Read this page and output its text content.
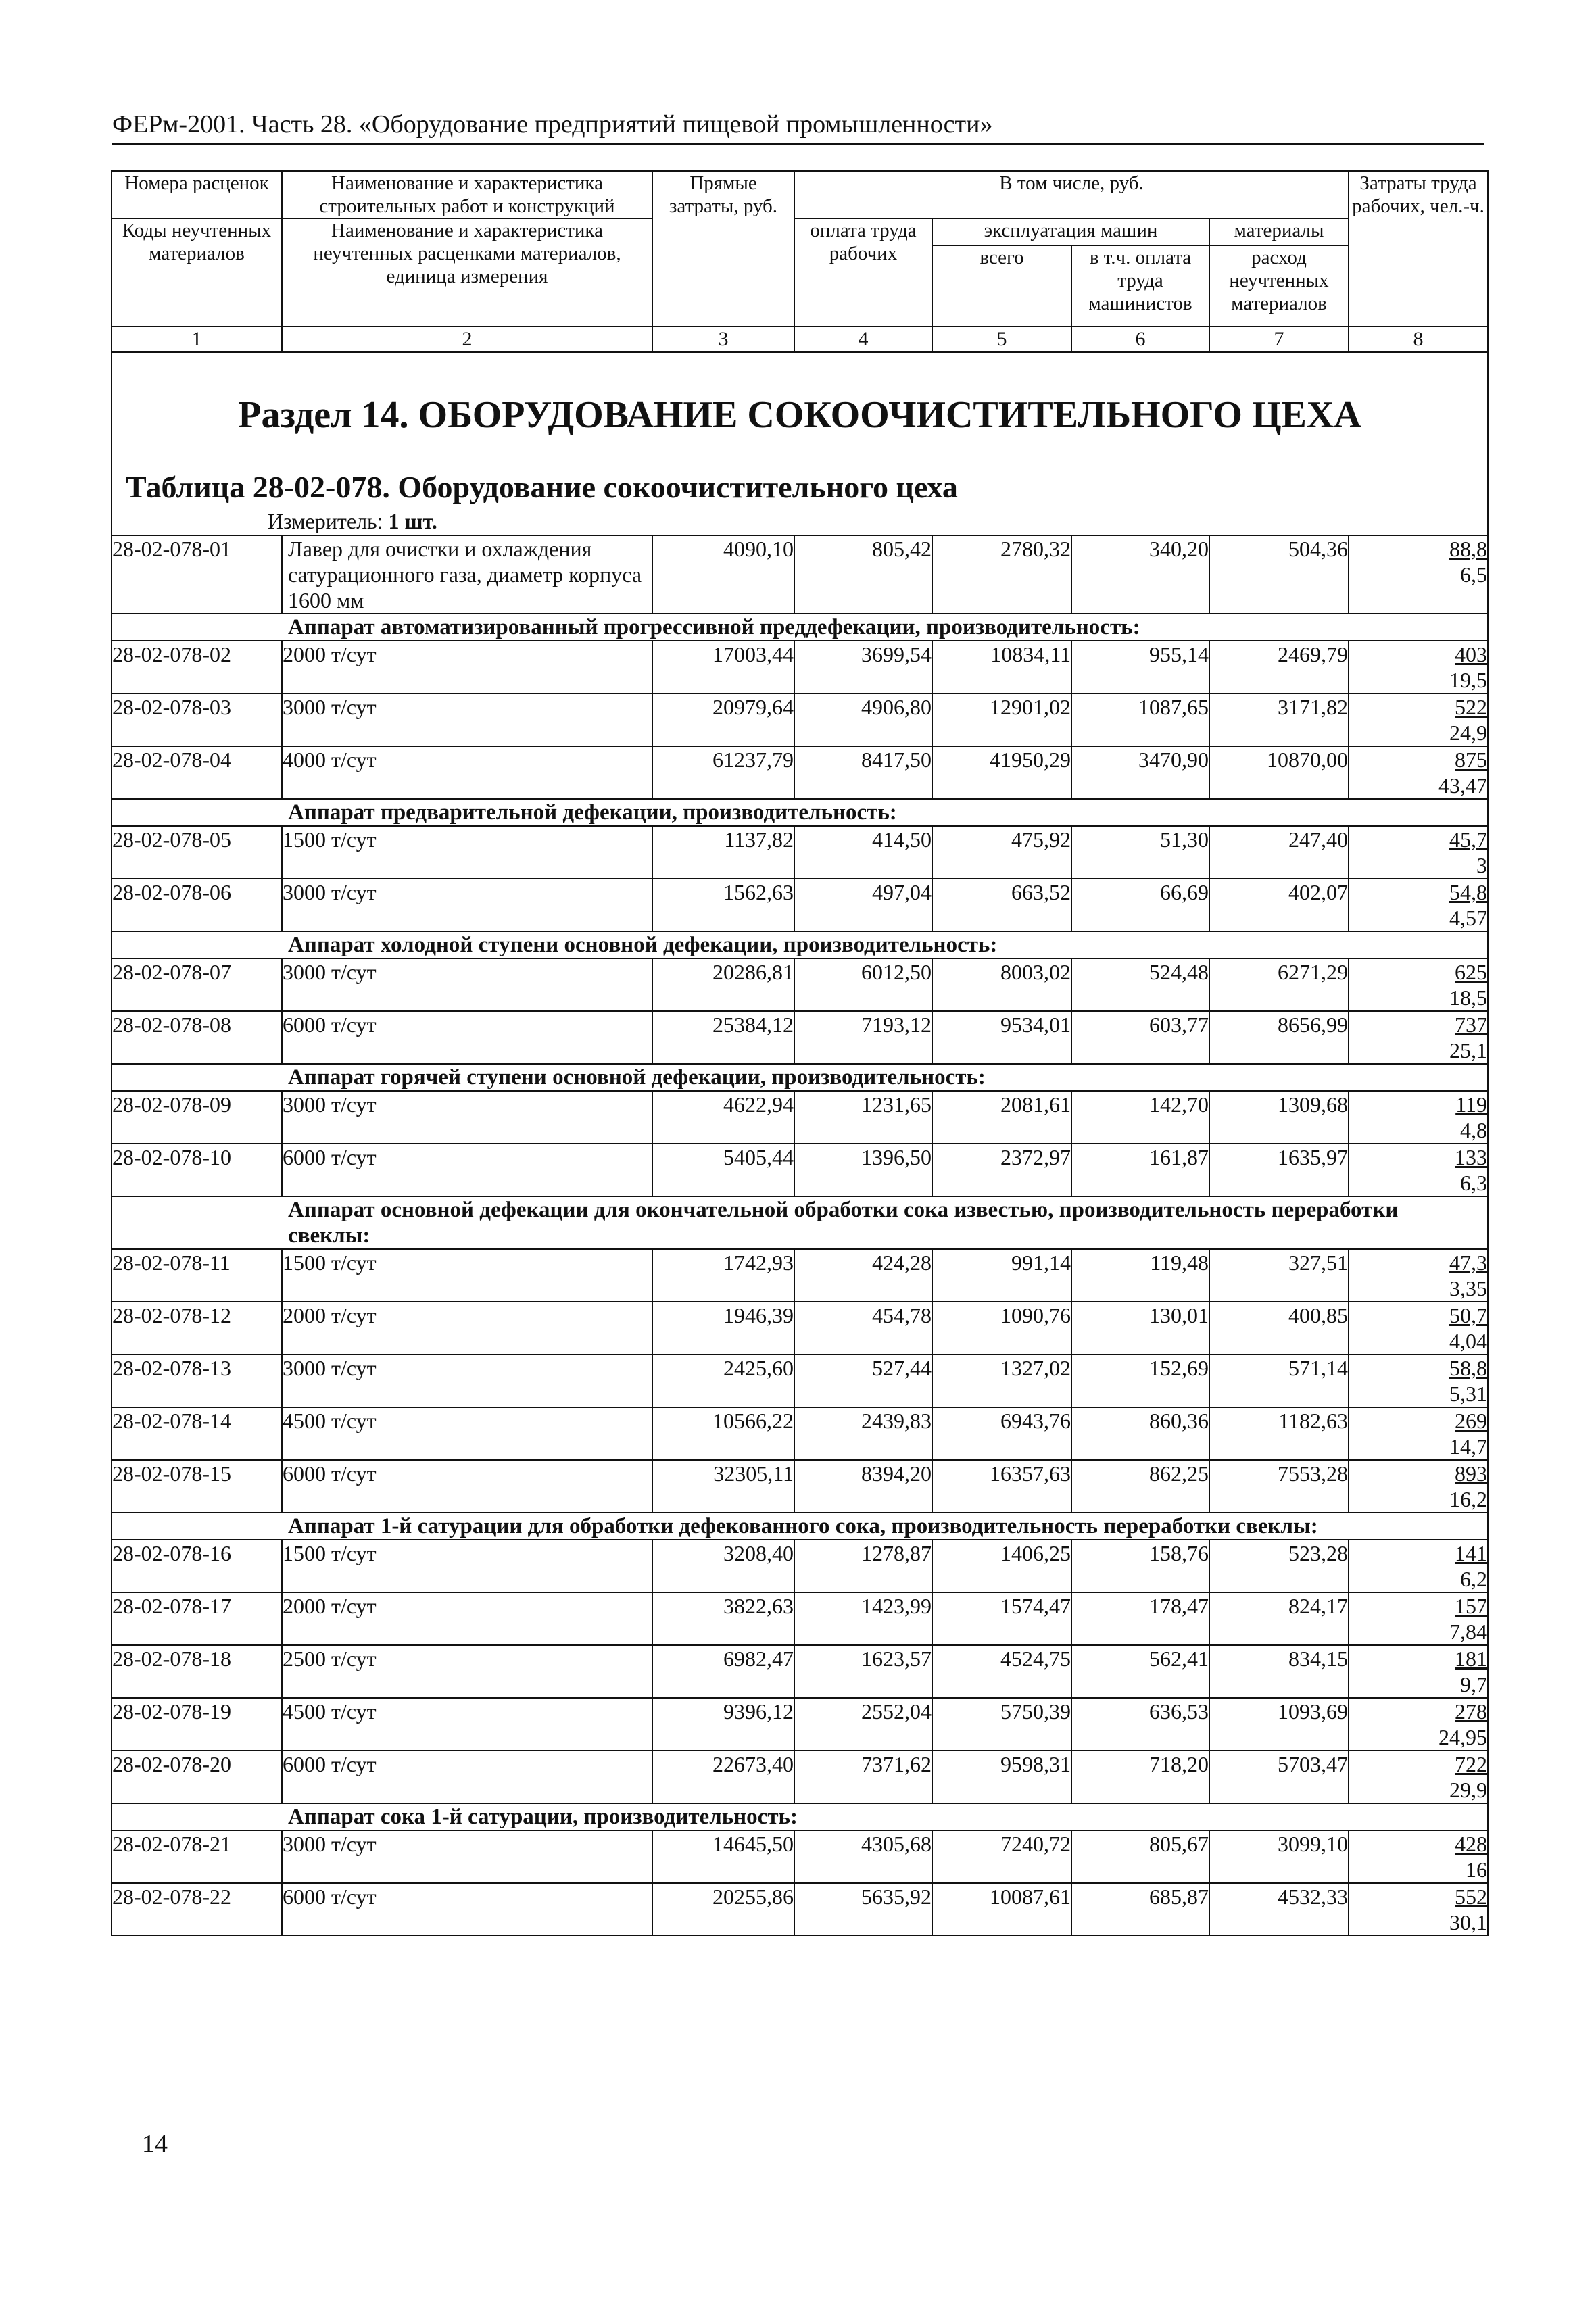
ФЕРм-2001. Часть 28. «Оборудование предприятий пищевой промышленности»
Номера расценок	Наименование и характеристика строительных работ и конструкций	Прямые затраты, руб.	В том числе, руб.				Затраты труда рабочих, чел.-ч.
Коды неучтенных материалов	Наименование и характеристика неучтенных расценками материалов, единица измерения		оплата труда рабочих	эксплуатация машин		материалы	
				всего	в т.ч. оплата труда машинистов	расход неучтенных материалов	
1	2	3	4	5	6	7	8

Раздел 14. ОБОРУДОВАНИЕ СОКООЧИСТИТЕЛЬНОГО ЦЕХА
Таблица 28-02-078. Оборудование сокоочистительного цеха
Измеритель: 1 шт.							

28-02-078-01	Лавер для очистки и охлаждения сатурационного газа, диаметр корпуса 1600 мм	4090,10	805,42	2780,32	340,20	504,36	88,8
6,5

Аппарат автоматизированный прогрессивной преддефекации, производительность:							

28-02-078-02	2000 т/сут	17003,44	3699,54	10834,11	955,14	2469,79	403
19,5

28-02-078-03	3000 т/сут	20979,64	4906,80	12901,02	1087,65	3171,82	522
24,9

28-02-078-04	4000 т/сут	61237,79	8417,50	41950,29	3470,90	10870,00	875
43,47

Аппарат предварительной дефекации, производительность:							

28-02-078-05	1500 т/сут	1137,82	414,50	475,92	51,30	247,40	45,7
3

28-02-078-06	3000 т/сут	1562,63	497,04	663,52	66,69	402,07	54,8
4,57

Аппарат холодной ступени основной дефекации, производительность:							

28-02-078-07	3000 т/сут	20286,81	6012,50	8003,02	524,48	6271,29	625
18,5

28-02-078-08	6000 т/сут	25384,12	7193,12	9534,01	603,77	8656,99	737
25,1

Аппарат горячей ступени основной дефекации, производительность:							

28-02-078-09	3000 т/сут	4622,94	1231,65	2081,61	142,70	1309,68	119
4,8

28-02-078-10	6000 т/сут	5405,44	1396,50	2372,97	161,87	1635,97	133
6,3

Аппарат основной дефекации для окончательной обработки сока известью, производительность переработки свеклы:							

28-02-078-11	1500 т/сут	1742,93	424,28	991,14	119,48	327,51	47,3
3,35

28-02-078-12	2000 т/сут	1946,39	454,78	1090,76	130,01	400,85	50,7
4,04

28-02-078-13	3000 т/сут	2425,60	527,44	1327,02	152,69	571,14	58,8
5,31

28-02-078-14	4500 т/сут	10566,22	2439,83	6943,76	860,36	1182,63	269
14,7

28-02-078-15	6000 т/сут	32305,11	8394,20	16357,63	862,25	7553,28	893
16,2

Аппарат 1-й сатурации для обработки дефекованного сока, производительность переработки свеклы:							

28-02-078-16	1500 т/сут	3208,40	1278,87	1406,25	158,76	523,28	141
6,2

28-02-078-17	2000 т/сут	3822,63	1423,99	1574,47	178,47	824,17	157
7,84

28-02-078-18	2500 т/сут	6982,47	1623,57	4524,75	562,41	834,15	181
9,7

28-02-078-19	4500 т/сут	9396,12	2552,04	5750,39	636,53	1093,69	278
24,95

28-02-078-20	6000 т/сут	22673,40	7371,62	9598,31	718,20	5703,47	722
29,9

Аппарат сока 1-й сатурации, производительность:							

28-02-078-21	3000 т/сут	14645,50	4305,68	7240,72	805,67	3099,10	428
16

28-02-078-22	6000 т/сут	20255,86	5635,92	10087,61	685,87	4532,33	552
30,1
14
